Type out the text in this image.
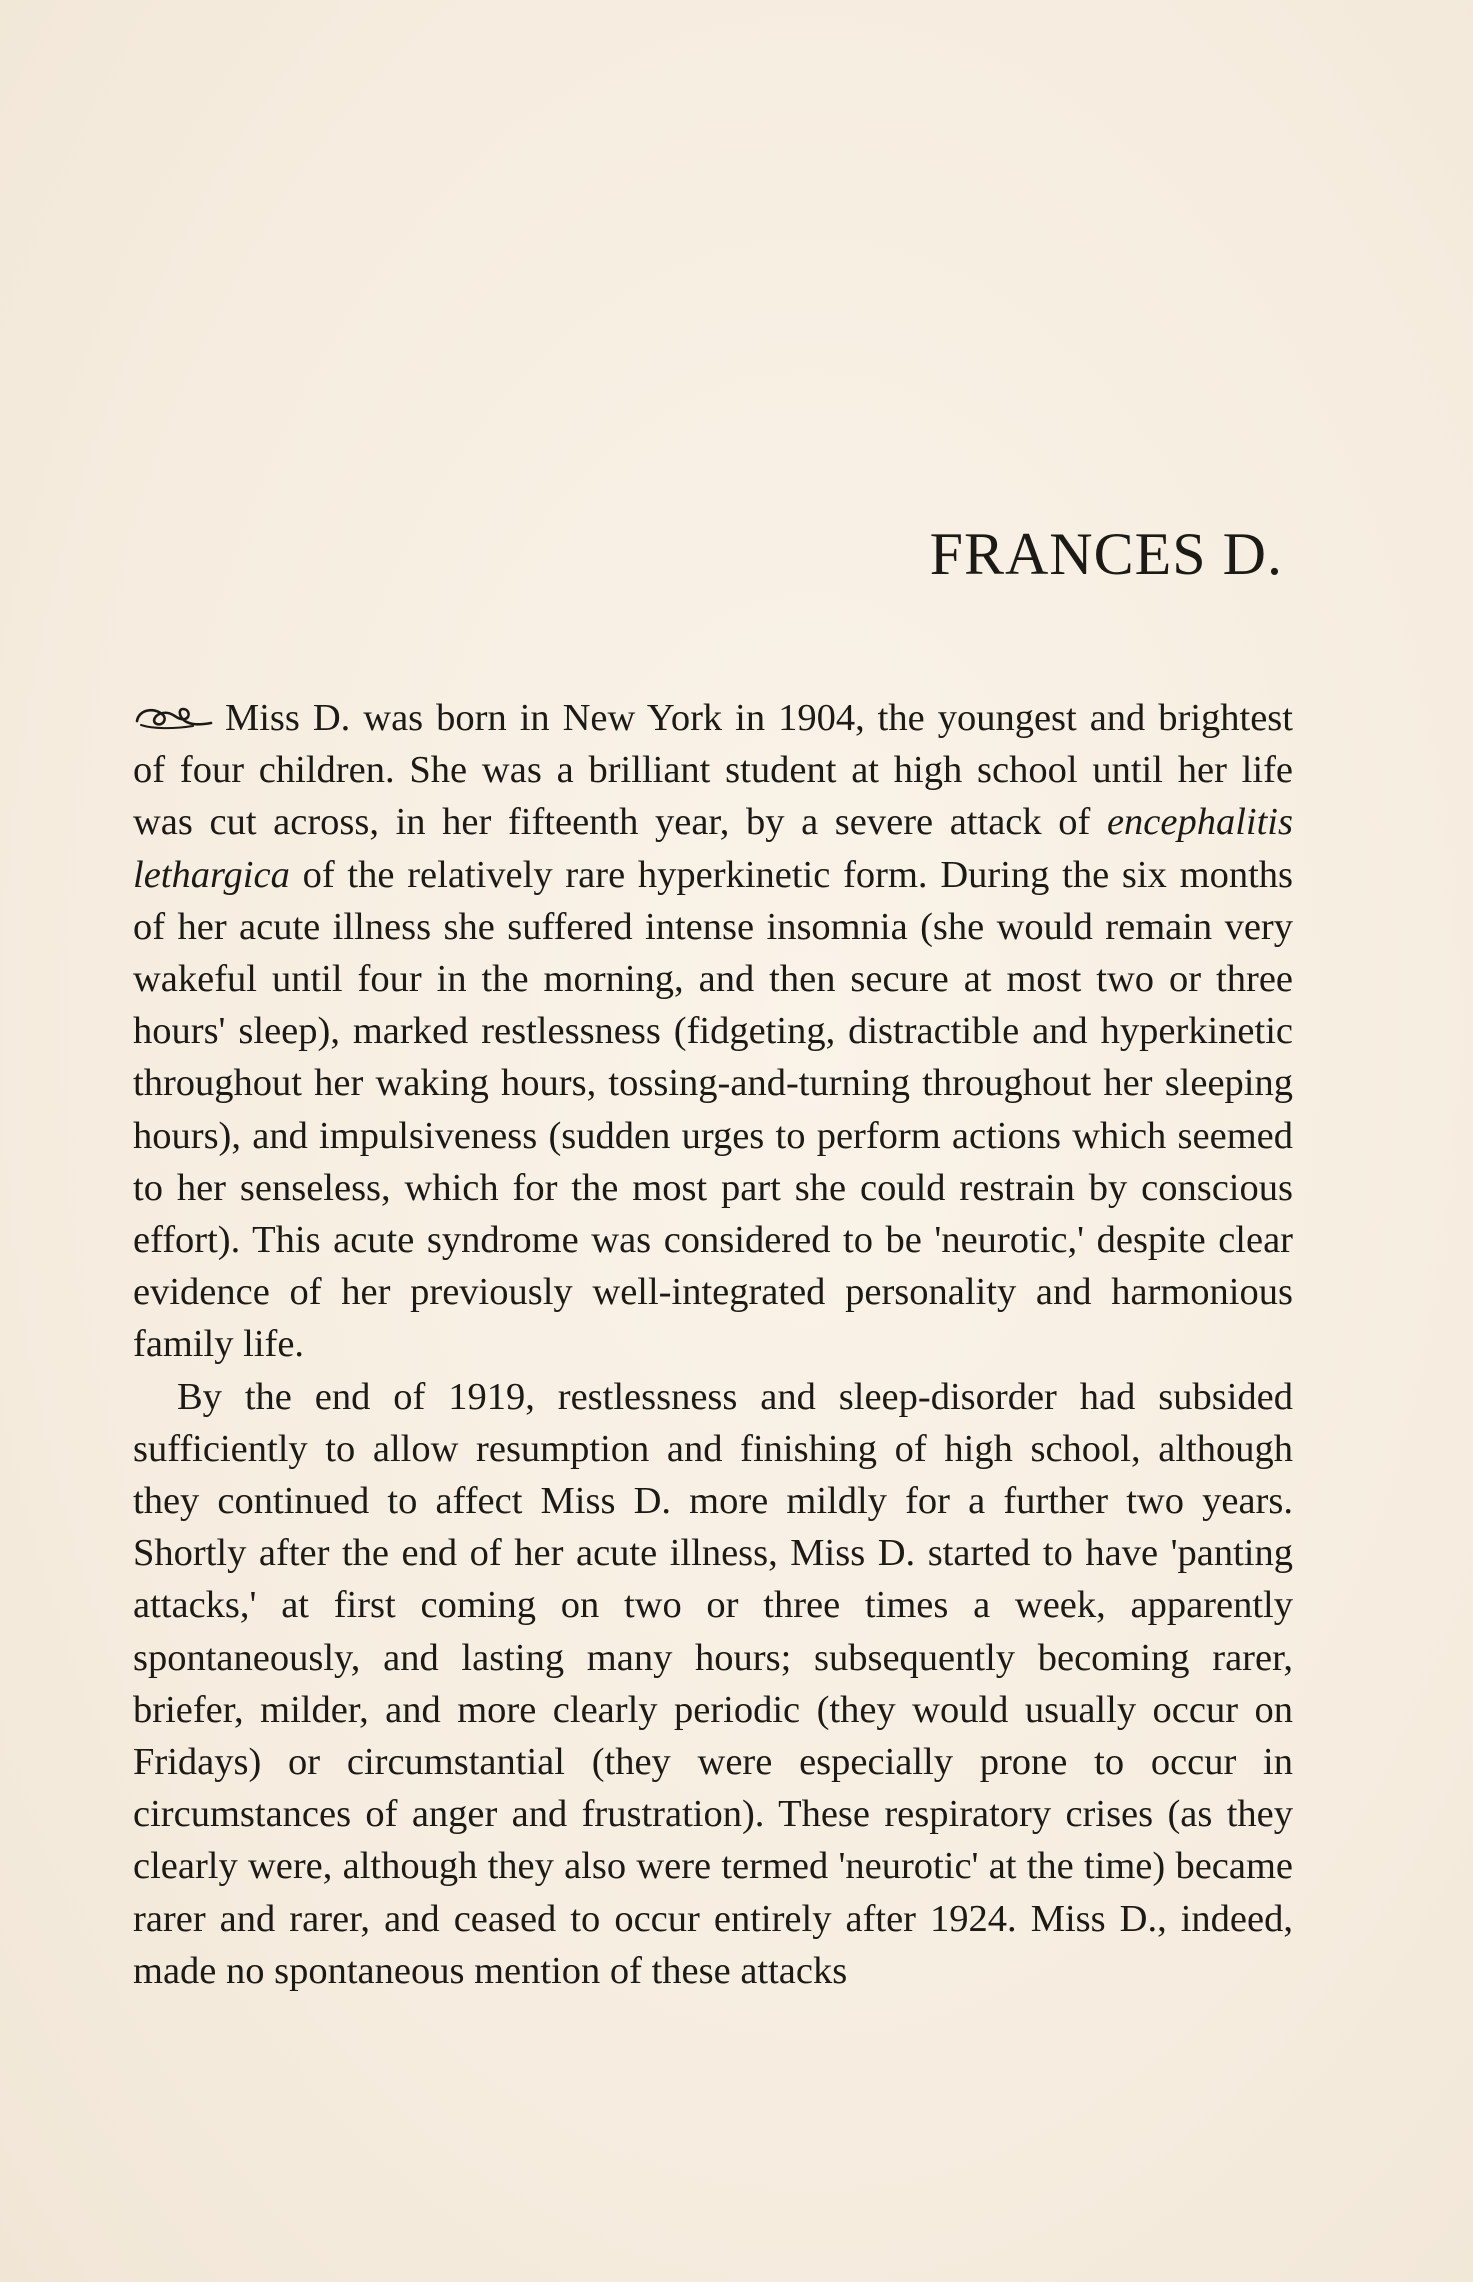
FRANCES D.

Miss D. was born in New York in 1904, the youngest and brightest of four children. She was a brilliant student at high school until her life was cut across, in her fifteenth year, by a severe attack of encephalitis lethargica of the relatively rare hyperkinetic form. During the six months of her acute illness she suffered intense insomnia (she would remain very wakeful until four in the morning, and then secure at most two or three hours' sleep), marked restlessness (fidgeting, distractible and hyperkinetic throughout her waking hours, tossing-and-turning throughout her sleeping hours), and impulsiveness (sudden urges to perform actions which seemed to her senseless, which for the most part she could restrain by conscious effort). This acute syndrome was considered to be 'neurotic,' despite clear evidence of her previously well-integrated personality and harmonious family life.

By the end of 1919, restlessness and sleep-disorder had subsided sufficiently to allow resumption and finishing of high school, although they continued to affect Miss D. more mildly for a further two years. Shortly after the end of her acute illness, Miss D. started to have 'panting attacks,' at first coming on two or three times a week, apparently spontaneously, and lasting many hours; subsequently becoming rarer, briefer, milder, and more clearly periodic (they would usually occur on Fridays) or circumstantial (they were especially prone to occur in circumstances of anger and frustration). These respiratory crises (as they clearly were, although they also were termed 'neurotic' at the time) became rarer and rarer, and ceased to occur entirely after 1924. Miss D., indeed, made no spontaneous mention of these attacks
